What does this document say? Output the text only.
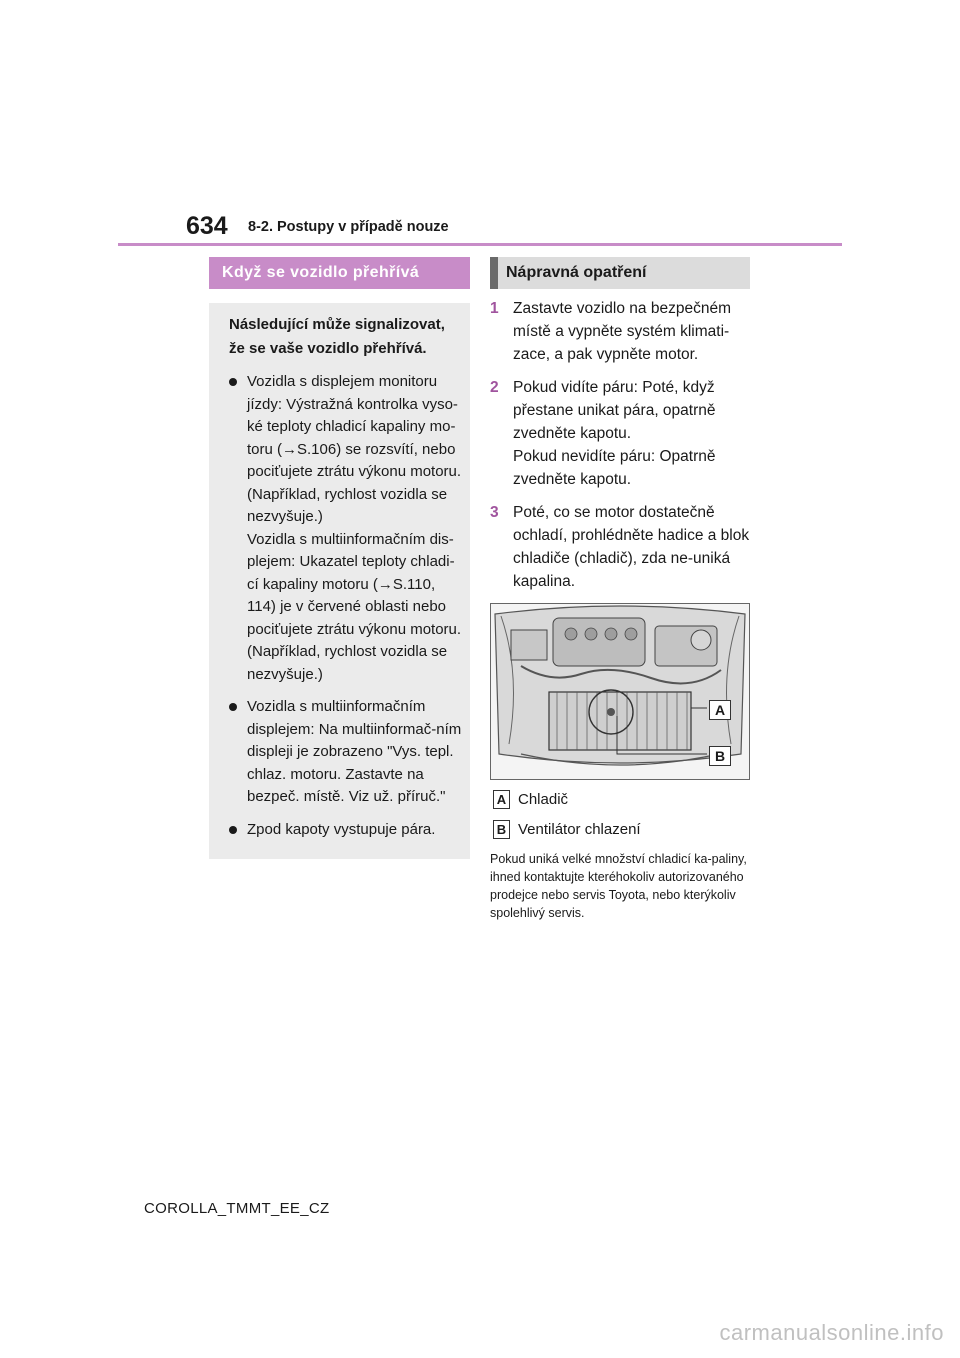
634 8-2. Postupy v případě nouze
Když se vozidlo přehřívá
Následující může signalizovat, že se vaše vozidlo přehřívá.
Vozidla s displejem monitoru jízdy: Výstražná kontrolka vyso-ké teploty chladicí kapaliny mo-toru (→S.106) se rozsvítí, nebo pociťujete ztrátu výkonu motoru. (Například, rychlost vozidla se nezvyšuje.)
Vozidla s multiinformačním dis-plejem: Ukazatel teploty chladi-cí kapaliny motoru (→S.110, 114) je v červené oblasti nebo pociťujete ztrátu výkonu motoru. (Například, rychlost vozidla se nezvyšuje.)
Vozidla s multiinformačním displejem: Na multiinformač-ním displeji je zobrazeno "Vys. tepl. chlaz. motoru. Zastavte na bezpeč. místě. Viz už. příruč."
Zpod kapoty vystupuje pára.
Nápravná opatření
1 Zastavte vozidlo na bezpečném místě a vypněte systém klimati-zace, a pak vypněte motor.
2 Pokud vidíte páru: Poté, když přestane unikat pára, opatrně zvedněte kapotu.
Pokud nevidíte páru: Opatrně zvedněte kapotu.
3 Poté, co se motor dostatečně ochladí, prohlédněte hadice a blok chladiče (chladič), zda ne-uniká kapalina.
A
B
A Chladič
B Ventilátor chlazení
Pokud uniká velké množství chladicí ka-paliny, ihned kontaktujte kteréhokoliv autorizovaného prodejce nebo servis Toyota, nebo kterýkoliv spolehlivý servis.
COROLLA_TMMT_EE_CZ
carmanualsonline.info
